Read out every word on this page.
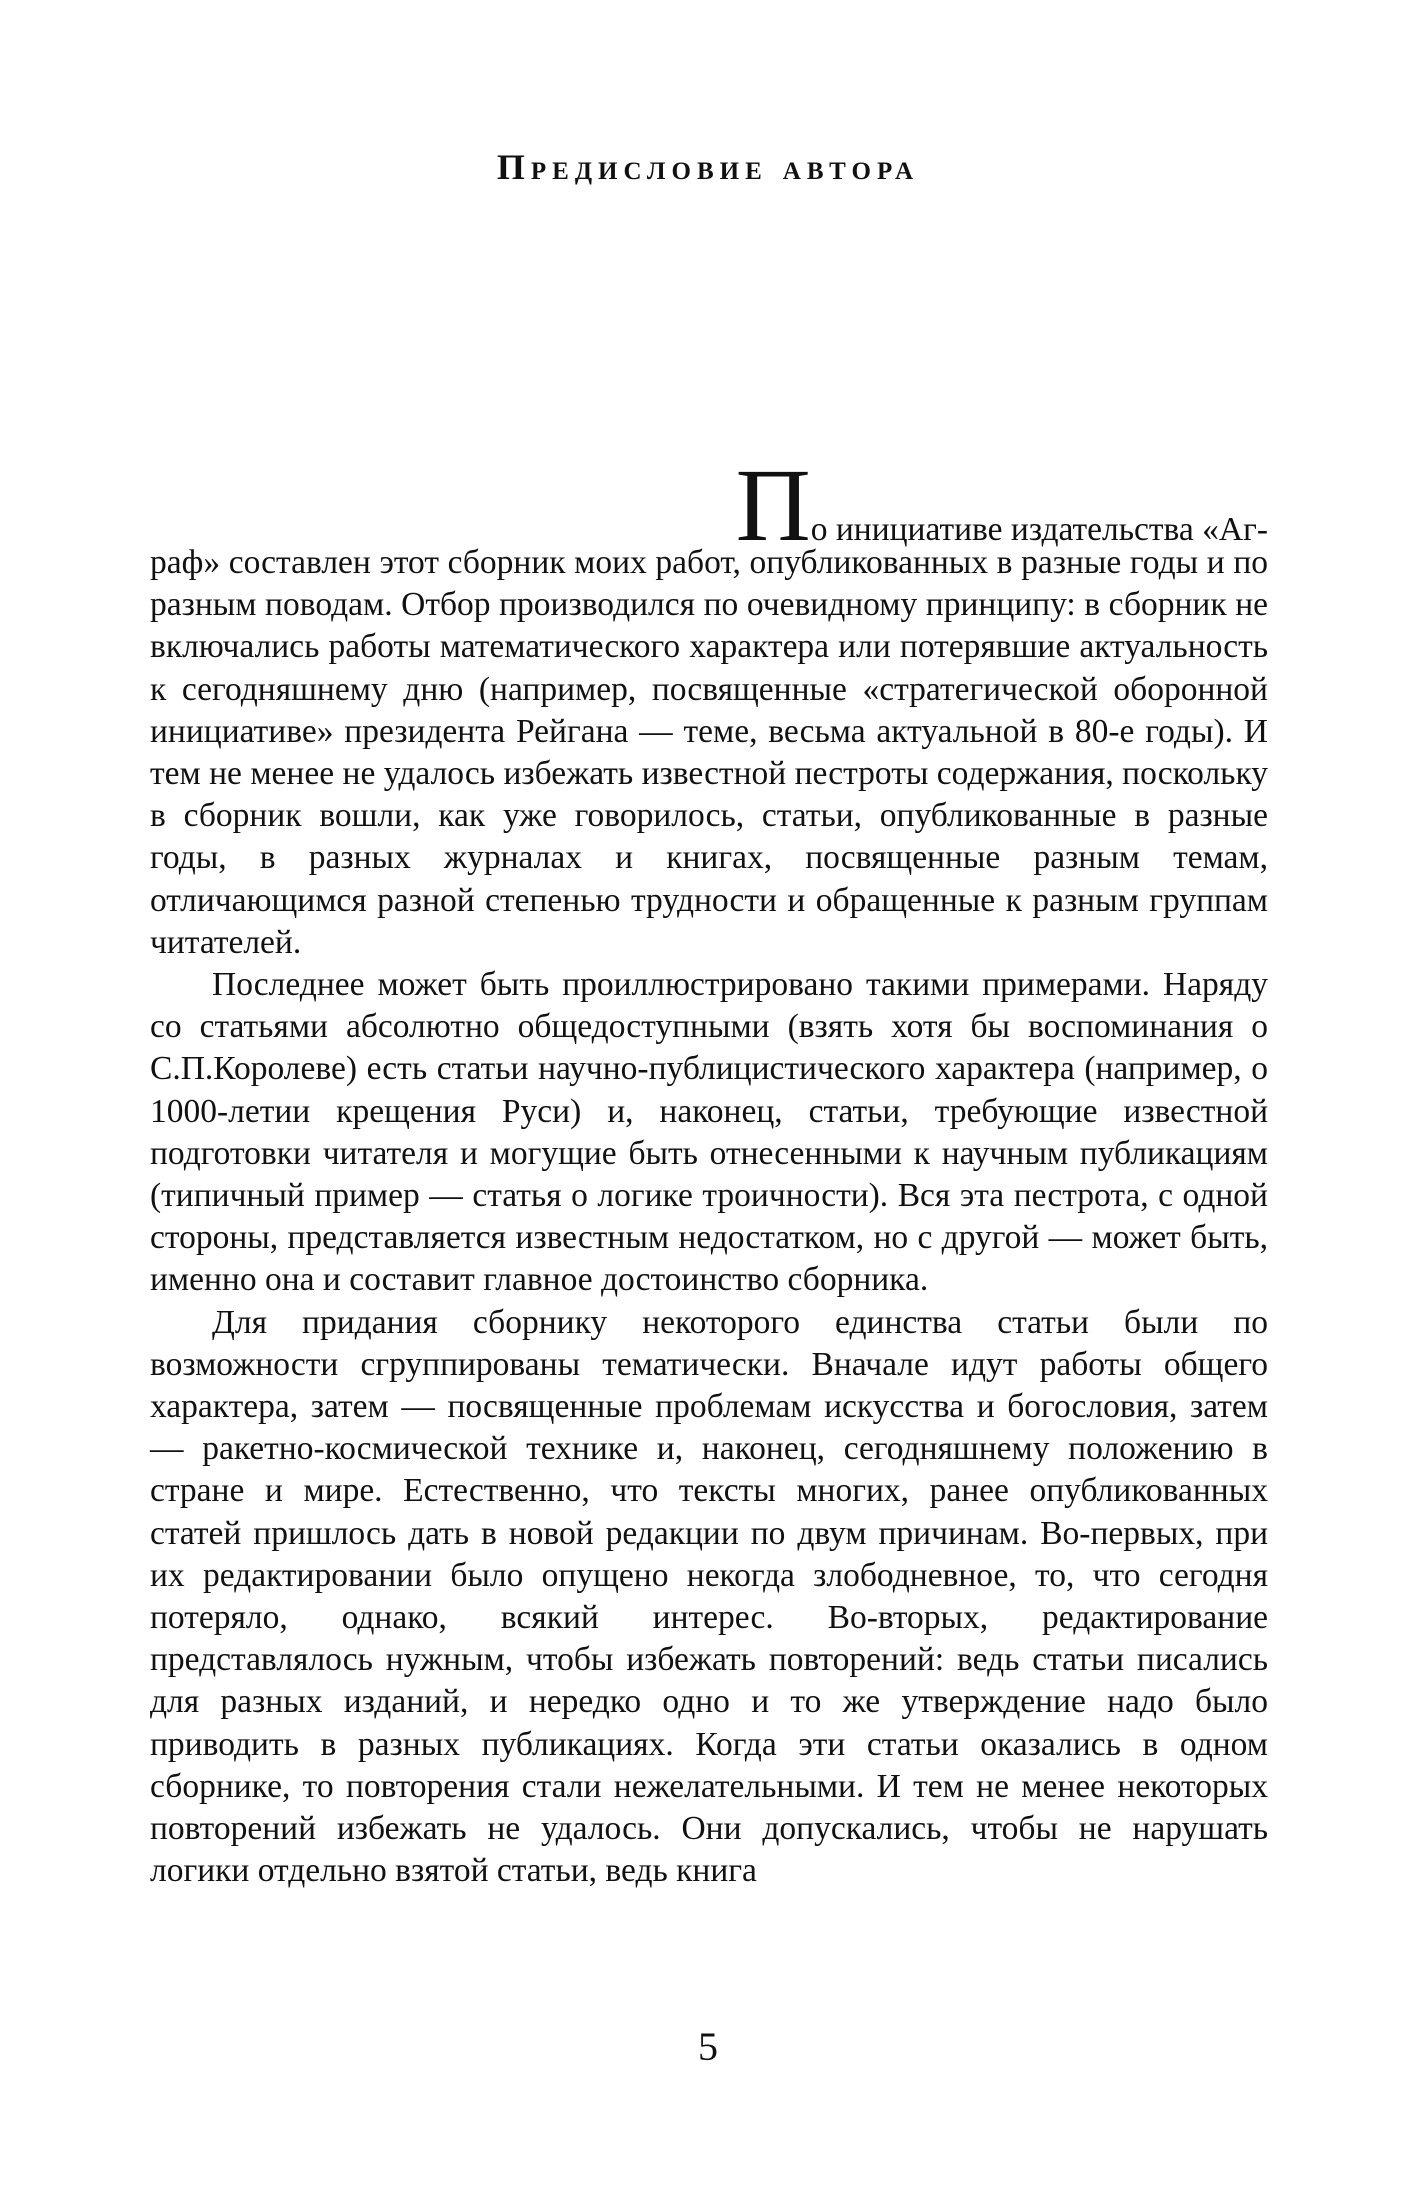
Предисловие автора
По инициативе издательства «Аг-

раф» составлен этот сборник моих работ, опубликованных в разные годы и по разным поводам. Отбор производился по очевидному принципу: в сборник не включались работы математического характера или потерявшие актуальность к сегодняшнему дню (например, посвященные «стратегической оборонной инициативе» президента Рейгана — теме, весьма актуальной в 80-е годы). И тем не менее не удалось избежать известной пестроты содержания, поскольку в сборник вошли, как уже говорилось, статьи, опубликованные в разные годы, в разных журналах и книгах, посвященные разным темам, отличающимся разной степенью трудности и обращенные к разным группам читателей.

Последнее может быть проиллюстрировано такими примерами. Наряду со статьями абсолютно общедоступными (взять хотя бы воспоминания о С.П.Королеве) есть статьи научно-публицистического характера (например, о 1000-летии крещения Руси) и, наконец, статьи, требующие известной подготовки читателя и могущие быть отнесенными к научным публикациям (типичный пример — статья о логике троичности). Вся эта пестрота, с одной стороны, представляется известным недостатком, но с другой — может быть, именно она и составит главное достоинство сборника.

Для придания сборнику некоторого единства статьи были по возможности сгруппированы тематически. Вначале идут работы общего характера, затем — посвященные проблемам искусства и богословия, затем — ракетно-космической технике и, наконец, сегодняшнему положению в стране и мире. Естественно, что тексты многих, ранее опубликованных статей пришлось дать в новой редакции по двум причинам. Во-первых, при их редактировании было опущено некогда злободневное, то, что сегодня потеряло, однако, всякий интерес. Во-вторых, редактирование представлялось нужным, чтобы избежать повторений: ведь статьи писались для разных изданий, и нередко одно и то же утверждение надо было приводить в разных публикациях. Когда эти статьи оказались в одном сборнике, то повторения стали нежелательными. И тем не менее некоторых повторений избежать не удалось. Они допускались, чтобы не нарушать логики отдельно взятой статьи, ведь книга

5
